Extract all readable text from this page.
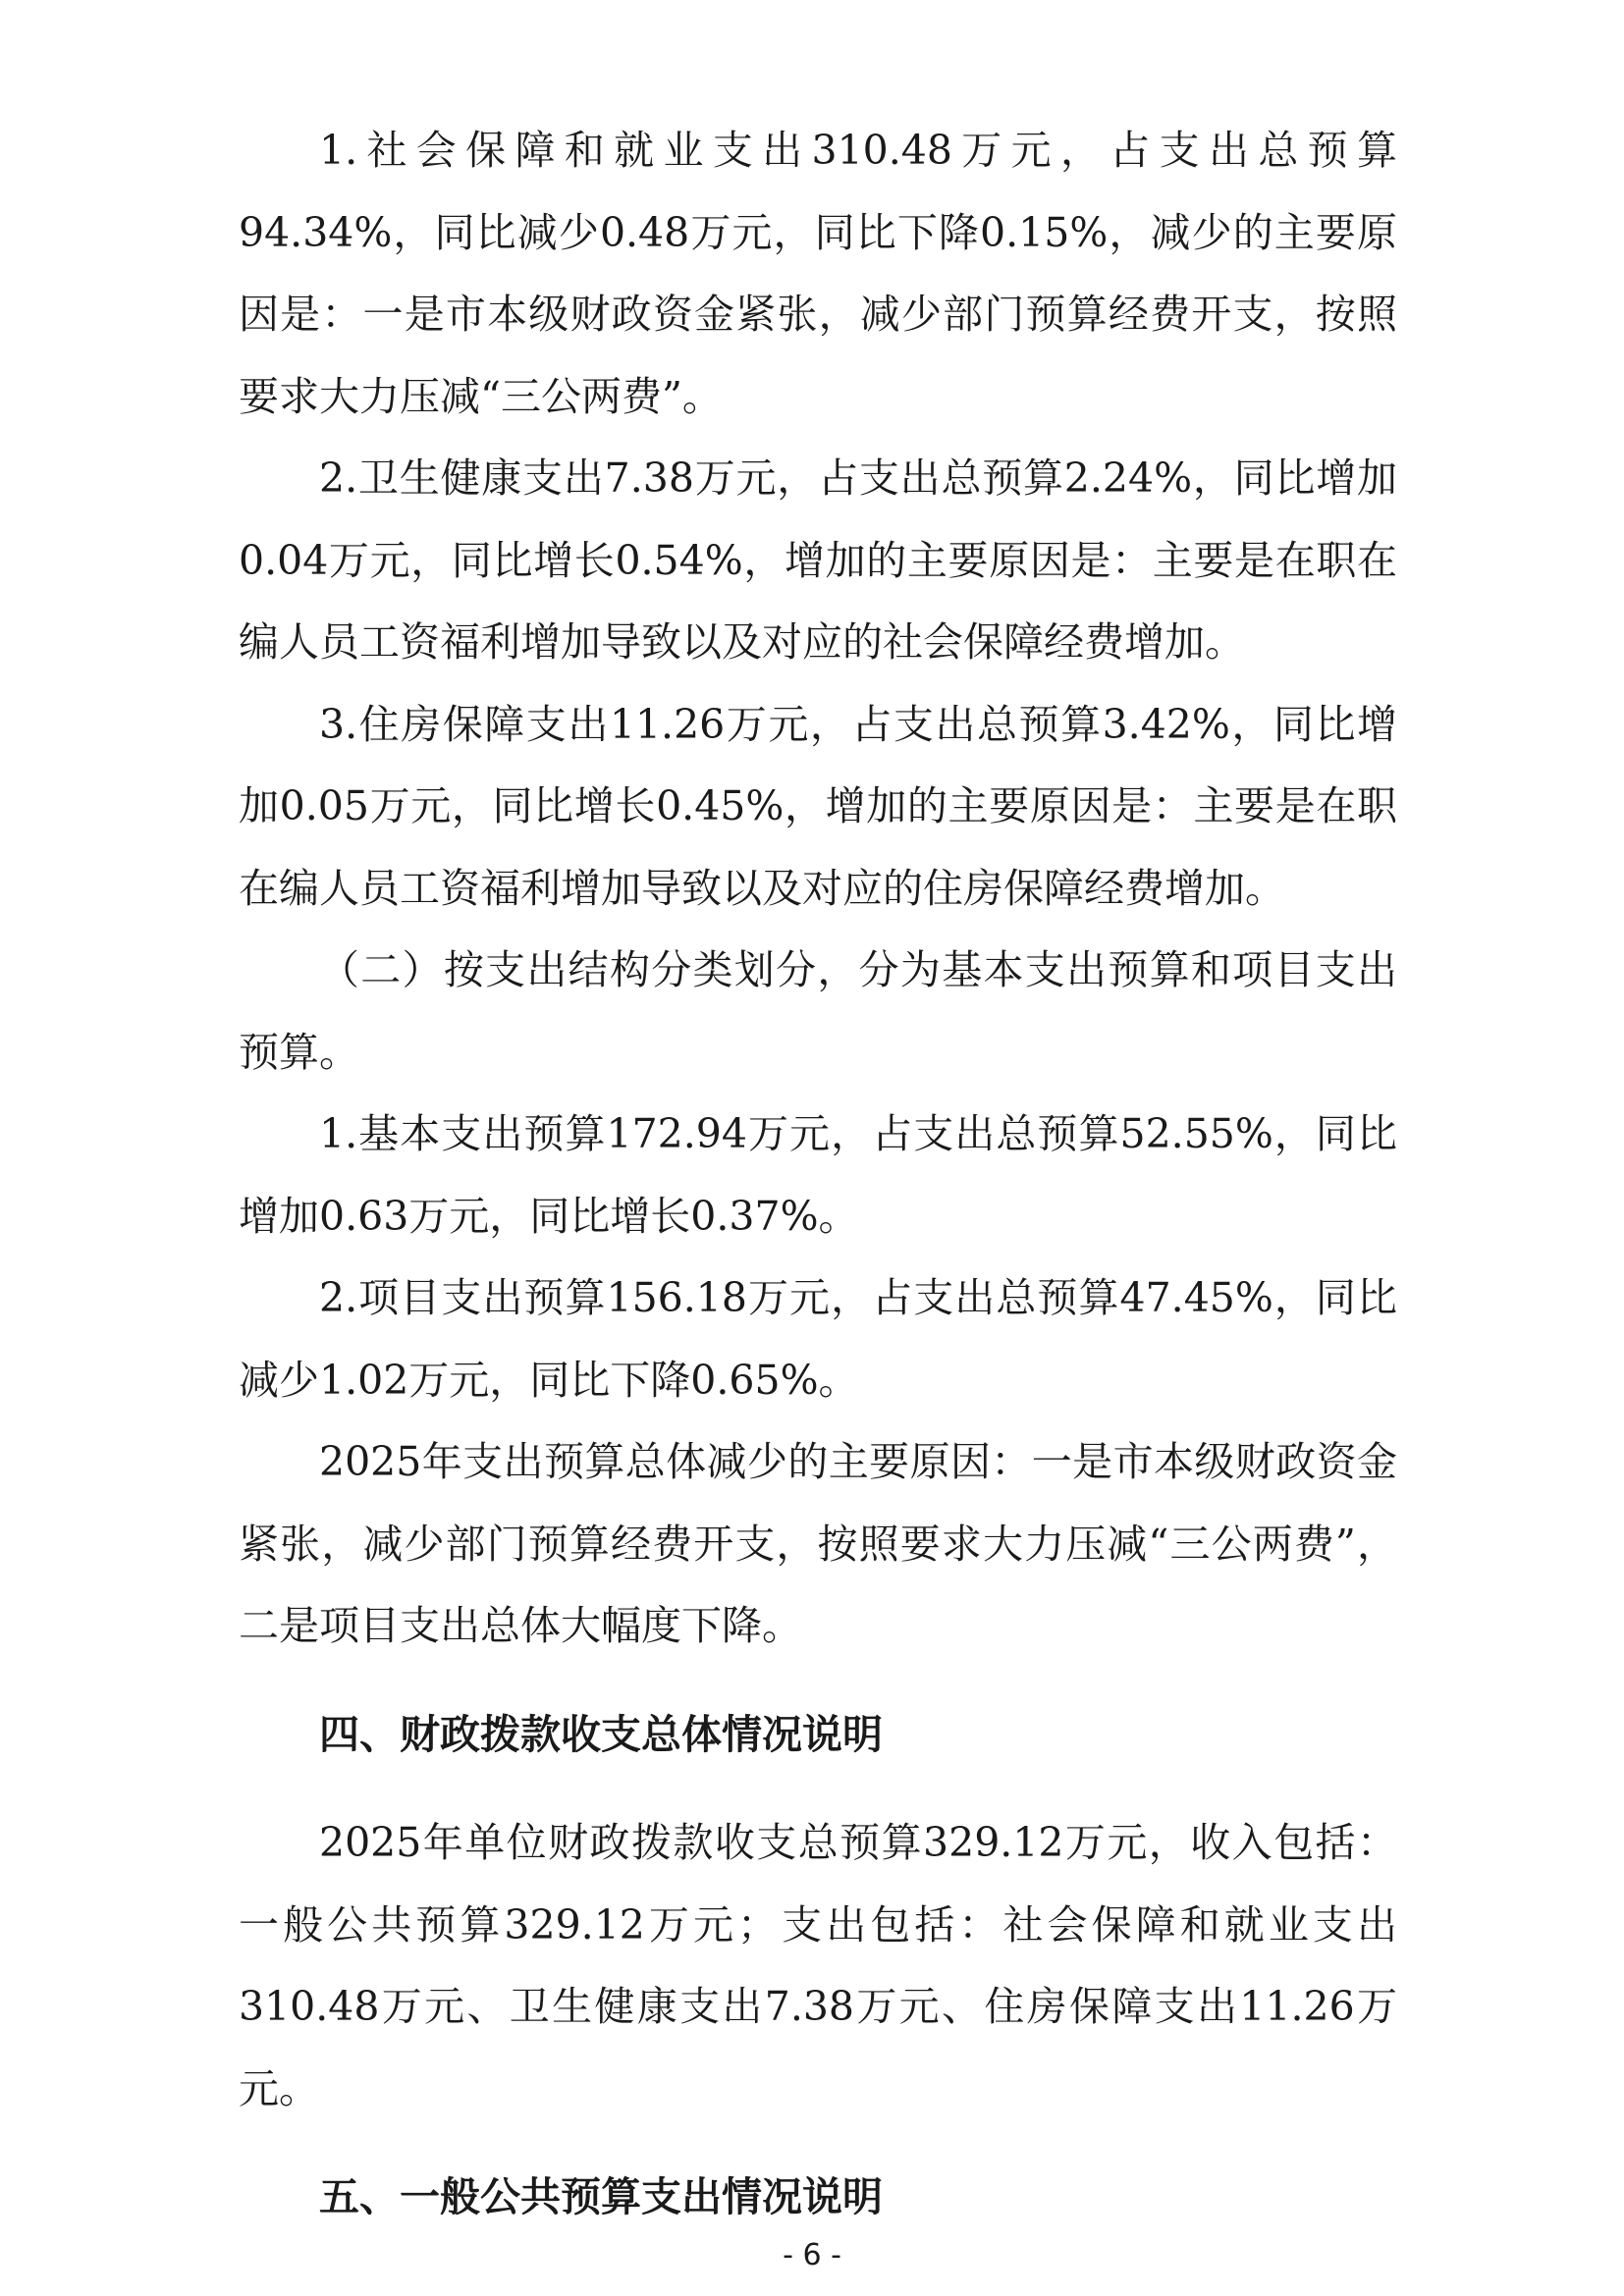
1.社会保障和就业支出310.48万元，占支出总预算94.34%，同比减少0.48万元，同比下降0.15%，减少的主要原因是：一是市本级财政资金紧张，减少部门预算经费开支，按照要求大力压减“三公两费”。

2.卫生健康支出7.38万元，占支出总预算2.24%，同比增加0.04万元，同比增长0.54%，增加的主要原因是：主要是在职在编人员工资福利增加导致以及对应的社会保障经费增加。

3.住房保障支出11.26万元，占支出总预算3.42%，同比增加0.05万元，同比增长0.45%，增加的主要原因是：主要是在职在编人员工资福利增加导致以及对应的住房保障经费增加。

（二）按支出结构分类划分，分为基本支出预算和项目支出预算。

1.基本支出预算172.94万元，占支出总预算52.55%，同比增加0.63万元，同比增长0.37%。

2.项目支出预算156.18万元，占支出总预算47.45%，同比减少1.02万元，同比下降0.65%。

2025年支出预算总体减少的主要原因：一是市本级财政资金紧张，减少部门预算经费开支，按照要求大力压减“三公两费”，二是项目支出总体大幅度下降。

四、财政拨款收支总体情况说明

2025年单位财政拨款收支总预算329.12万元，收入包括：一般公共预算329.12万元；支出包括：社会保障和就业支出310.48万元、卫生健康支出7.38万元、住房保障支出11.26万元。

五、一般公共预算支出情况说明
- 6 -
